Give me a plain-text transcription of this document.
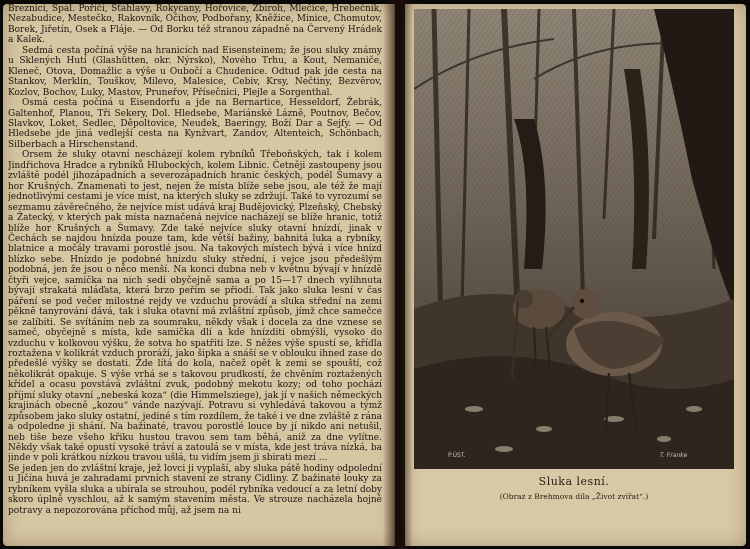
Breznici, Spál. Poříčí, Šťáhlavy, Rokycany, Hořovice, Zbiroh, Mlečice, Hrebečnik, Nezabudice, Mestečko, Rakovník, Očihov, Podbořany, Kněžice, Minice, Chomutov, Borek, Jiřetín, Osek a Fláje. — Od Borku též stranou západně na Červený Hrádek a Kalek.

Sedmá cesta počíná výše na hranicích nad Eisensteinem; že jsou sluky známy u Sklených Hutí (Glashütten, okr. Nýrsko), Nového Trhu, a Kout, Nemaniče, Kleneč, Otova, Domažlic a výše u Oubočí a Chudenice. Odtud pak jde cesta na Stankov, Merklín, Touškov, Milevo, Malesice, Cebiv, Krsy, Nečtiny, Bezvěrov, Kozlov, Bochov, Luky, Mastov, Pruneřov, Přísečnici, Plejle a Sorgenthal.

Osmá cesta počíná u Eisendorfu a jde na Bernartice, Hesseldorf, Žebrák, Galtenhof, Planou, Tři Sekery, Dol. Hledsebe, Mariánské Lázně, Poutnov, Bečov, Slavkov, Loket, Sedlec, Děpoltovice, Neudek, Baeringy, Boží Dar a Sejfy. — Od Hledsebe jde jiná vedlejší cesta na Kynžvart, Zandov, Altenteich, Schönbach, Silberbach a Hirschenstand.

Orsem že sluky otavní nescházejí kolem rybníků Třeboňských, tak i kolem Jindřichova Hradce a rybníků Hlubockých, kolem Libnic. Četněji zastoupeny jsou zvláště podél jihozápadních a severozápadních hranic českých, podél Šumavy a hor Krušných. Znamenati to jest, nejen že místa blíže sebe jsou, ale též že mají jednotlivými cestami je více míst, na kterých sluky se zdržují. Také to vyrozumí se sezmamu závěrečného, že nejvíce míst udává kraj Budějovický, Plzeňský, Chebský a Žatecký, v kterých pak místa naznačená nejvíce nacházejí se blíže hranic, totiž blíže hor Krušných a Šumavy. Zde také nejvíce sluky otavní hnízdí, jinak v Čechách se najdou hnízda pouze tam, kde větší bažiny, bahnitá luka a rybníky, blatnice a močály travami porostlé jsou. Na takových místech bývá i více hnízd blízko sebe. Hnízdo je podobné hnízdu sluky střední, i vejce jsou předešlým podobná, jen že jsou o něco menší. Na konci dubna neb v květnu bývají v hnízdě čtyři vejce, samička na nich sedí obyčejně sama a po 15—17 dnech vylíhnuta bývají strakatá mláďata, která brzo peřím se přiodí. Tak jako sluka lesní v čas páření se pod večer milostné rejdy ve vzduchu provádí a sluka střední na zemi pěkně tanyrování dává, tak i sluka otavní má zvláštní způsob, jímž chce samečce se zalíbiti. Se svítáním neb za soumraku, někdy však i docela za dne vznese se sameč, obyčejně s místa, kde samička dlí a kde hnízditi obmýšlí, vysoko do vzduchu v kolkovou výšku, že sotva ho spatřiti lze. S něžes výše spustí se, křídla roztažena v kolikrát vzduch proráží, jako šipka a snáší se v oblouku ihned zase do předešlé výšky se dostati. Zde lítá do kola, načež opět k zemi se spouští, což několikrát opakuje. S výše vrhá se s takovou prudkostí, že chvěním roztažených křídel a ocasu povstává zvláštní zvuk, podobný mekotu kozy; od toho pochází příjmí sluky otavní „nebeská koza“ (die Himmelsziege), jak jí v našich německých krajinách obecně „kozou“ vánde nazývají. Potravu si vyhledává takovou a týmž způsobem jako sluky ostatní, jediné s tím rozdílem, že také i ve dne zvláště z rána a odpoledne ji shání. Na bažinaté, travou porostlé louce by jí nikdo ani netušil, neb tiše beze všeho křiku hustou travou sem tam běhá, aniž za dne vylítne. Někdy však také opustí vysoké tráví a zatoulá se v místa, kde jest tráva nízká, ba jinde v poli krátkou nízkou travou ušlá, tu vidím jsem ji sbirati mezí ...

Se jeden jen do zvláštní kraje, jež lovci ji vyplaší, aby sluka pátě hodiny odpolední u Jičína huvá je zahradami prvních stavení ze strany Cidliny. Z bažinaté louky za rybníkem vyšla sluka a ubírala se strouhou, podél rybníka vedoucí a za letní doby skoro úplně vyschlou, až k samým stavením města. Ve strouze nacházela hojně potravy a nepozorována příchod můj, až jsem na ni

P.ÚST.	T. Franke
Sluka lesní.
(Obraz z Brehmova díla „Život zvířat“.)
